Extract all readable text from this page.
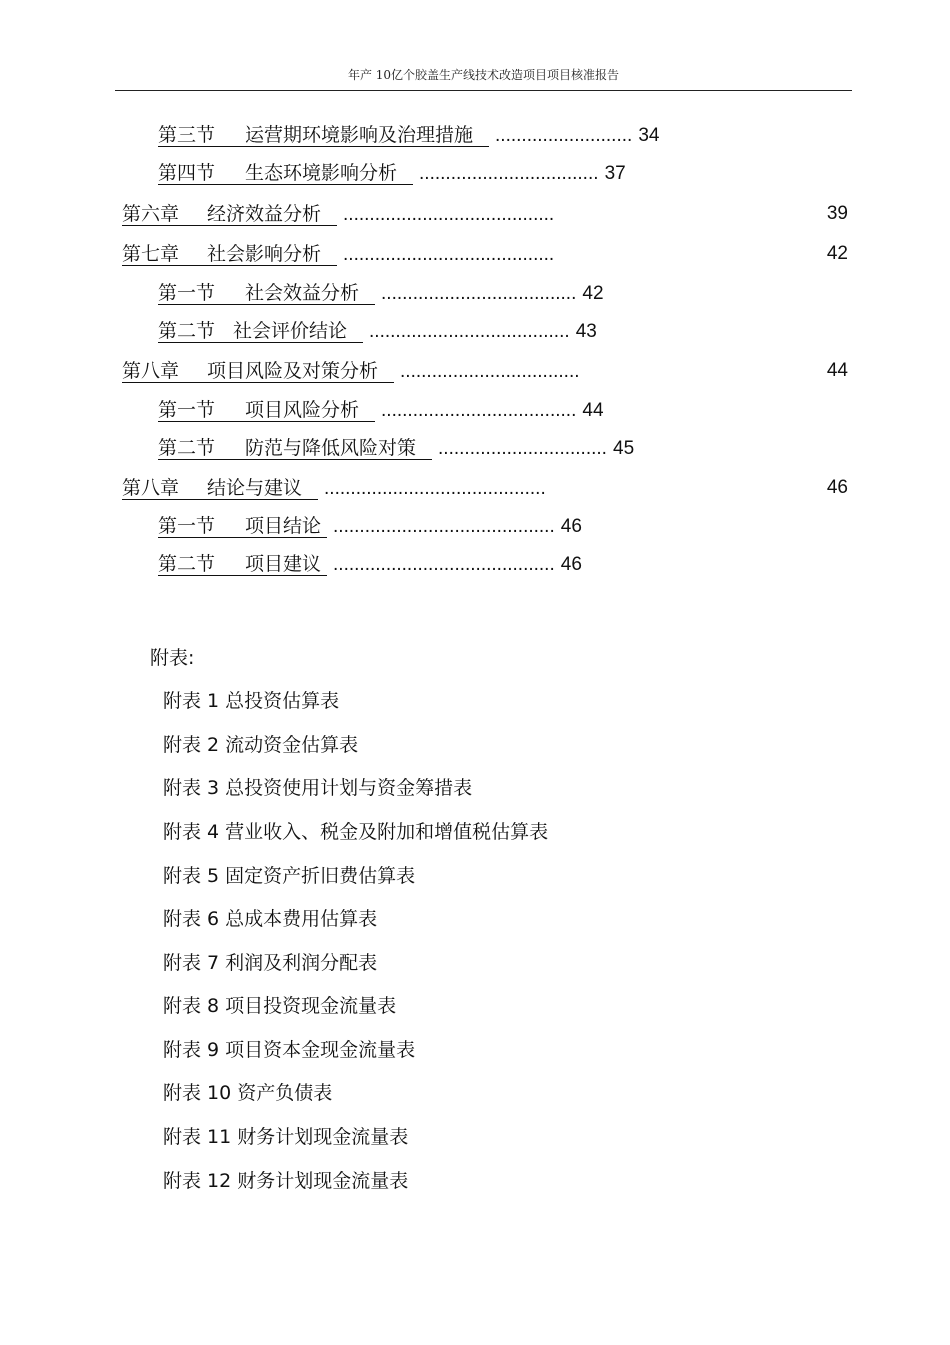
年产 10亿个胶盖生产线技术改造项目项目核准报告
第三节 运营期环境影响及治理措施 .......................... 34
第四节 生态环境影响分析 .................................. 37
第六章 经济效益分析 ........................................	39
第七章 社会影响分析 ........................................	42
第一节 社会效益分析 ..................................... 42
第二节 社会评价结论 ...................................... 43
第八章 项目风险及对策分析 ..................................	44
第一节 项目风险分析 ..................................... 44
第二节 防范与降低风险对策 ................................ 45
第八章 结论与建议 ..........................................	46
第一节 项目结论 .......................................... 46
第二节 项目建议 .......................................... 46
附表:
附表 1 总投资估算表
附表 2 流动资金估算表
附表 3 总投资使用计划与资金筹措表
附表 4 营业收入、税金及附加和增值税估算表
附表 5 固定资产折旧费估算表
附表 6 总成本费用估算表
附表 7 利润及利润分配表
附表 8 项目投资现金流量表
附表 9 项目资本金现金流量表
附表 10 资产负债表
附表 11 财务计划现金流量表
附表 12 财务计划现金流量表
